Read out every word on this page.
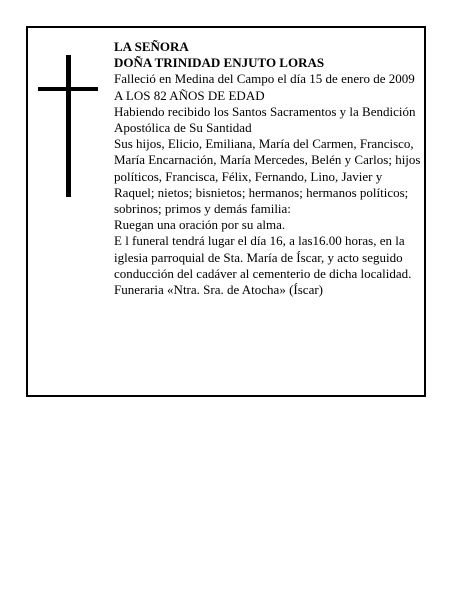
LA SEÑORA

DOÑA TRINIDAD ENJUTO LORAS

Falleció en Medina del Campo el día 15 de enero de 2009

A LOS 82 AÑOS DE EDAD

Habiendo recibido los Santos Sacramentos y la Bendición Apostólica de Su Santidad

Sus hijos, Elicio, Emiliana, María del Carmen, Francisco, María Encarnación, María Mercedes, Belén y Carlos; hijos políticos, Francisca, Félix, Fernando, Lino, Javier y Raquel; nietos; bisnietos; hermanos; hermanos políticos; sobrinos; primos y demás familia:

Ruegan una oración por su alma.

E l funeral tendrá lugar el día 16, a las16.00 horas, en la iglesia parroquial de Sta. María de Íscar, y acto seguido conducción del cadáver al cementerio de dicha localidad.

Funeraria «Ntra. Sra. de Atocha» (Íscar)
